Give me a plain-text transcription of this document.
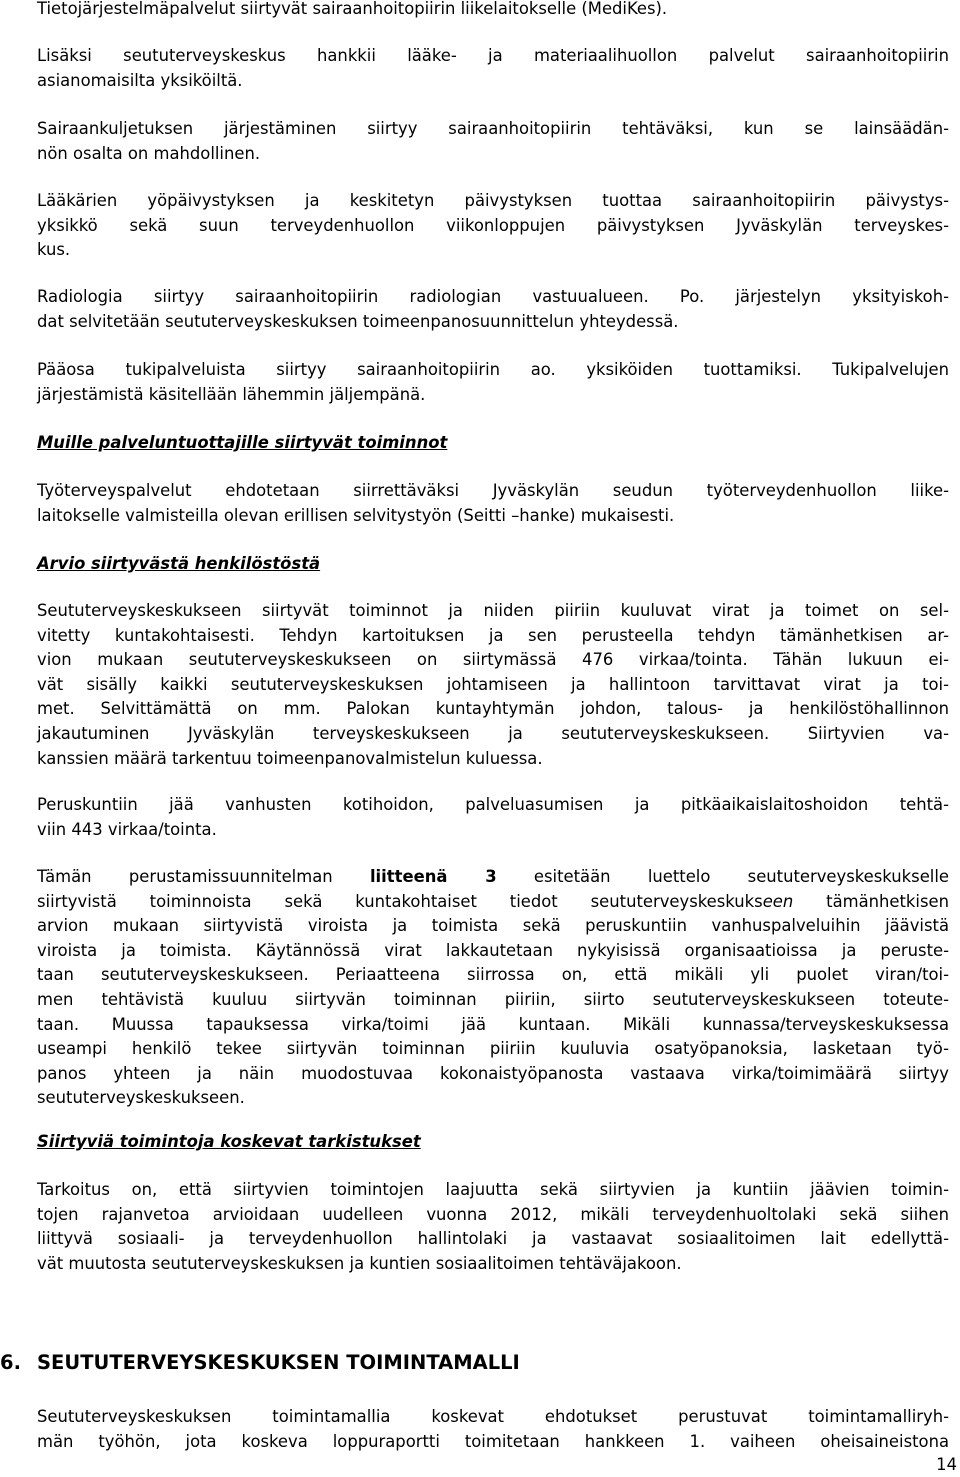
Tietojärjestelmäpalvelut siirtyvät sairaanhoitopiirin liikelaitokselle (MediKes).
Lisäksi seututerveyskeskus hankkii lääke- ja materiaalihuollon palvelut sairaanhoitopiirin
asianomaisilta yksiköiltä.
Sairaankuljetuksen järjestäminen siirtyy sairaanhoitopiirin tehtäväksi, kun se lainsäädän-
nön osalta on mahdollinen.
Lääkärien yöpäivystyksen ja keskitetyn päivystyksen tuottaa sairaanhoitopiirin päivystys-
yksikkö sekä suun terveydenhuollon viikonloppujen päivystyksen Jyväskylän terveyskes-
kus.
Radiologia siirtyy sairaanhoitopiirin radiologian vastuualueen. Po. järjestelyn yksityiskoh-
dat selvitetään seututerveyskeskuksen toimeenpanosuunnittelun yhteydessä.
Pääosa tukipalveluista siirtyy sairaanhoitopiirin ao. yksiköiden tuottamiksi. Tukipalvelujen
järjestämistä käsitellään lähemmin jäljempänä.
Muille palveluntuottajille siirtyvät toiminnot
Työterveyspalvelut ehdotetaan siirrettäväksi Jyväskylän seudun työterveydenhuollon liike-
laitokselle valmisteilla olevan erillisen selvitystyön (Seitti –hanke) mukaisesti.
Arvio siirtyvästä henkilöstöstä
Seututerveyskeskukseen siirtyvät toiminnot ja niiden piiriin kuuluvat virat ja toimet on sel-
vitetty kuntakohtaisesti. Tehdyn kartoituksen ja sen perusteella tehdyn tämänhetkisen ar-
vion mukaan seututerveyskeskukseen on siirtymässä 476 virkaa/tointa. Tähän lukuun ei-
vät sisälly kaikki seututerveyskeskuksen johtamiseen ja hallintoon tarvittavat virat ja toi-
met. Selvittämättä on mm. Palokan kuntayhtymän johdon, talous- ja henkilöstöhallinnon
jakautuminen Jyväskylän terveyskeskukseen ja seututerveyskeskukseen. Siirtyvien va-
kanssien määrä tarkentuu toimeenpanovalmistelun kuluessa.
Peruskuntiin jää vanhusten kotihoidon, palveluasumisen ja pitkäaikaislaitoshoidon tehtä-
viin 443 virkaa/tointa.
Tämän perustamissuunnitelman liitteenä 3 esitetään luettelo seututerveyskeskukselle
siirtyvistä toiminnoista sekä kuntakohtaiset tiedot seututerveyskeskukseen tämänhetkisen
arvion mukaan siirtyvistä viroista ja toimista sekä peruskuntiin vanhuspalveluihin jäävistä
viroista ja toimista. Käytännössä virat lakkautetaan nykyisissä organisaatioissa ja peruste-
taan seututerveyskeskukseen. Periaatteena siirrossa on, että mikäli yli puolet viran/toi-
men tehtävistä kuuluu siirtyvän toiminnan piiriin, siirto seututerveyskeskukseen toteute-
taan. Muussa tapauksessa virka/toimi jää kuntaan. Mikäli kunnassa/terveyskeskuksessa
useampi henkilö tekee siirtyvän toiminnan piiriin kuuluvia osatyöpanoksia, lasketaan työ-
panos yhteen ja näin muodostuvaa kokonaistyöpanosta vastaava virka/toimimäärä siirtyy
seututerveyskeskukseen.
Siirtyviä toimintoja koskevat tarkistukset
Tarkoitus on, että siirtyvien toimintojen laajuutta sekä siirtyvien ja kuntiin jäävien toimin-
tojen rajanvetoa arvioidaan uudelleen vuonna 2012, mikäli terveydenhuoltolaki sekä siihen
liittyvä sosiaali- ja terveydenhuollon hallintolaki ja vastaavat sosiaalitoimen lait edellyttä-
vät muutosta seututerveyskeskuksen ja kuntien sosiaalitoimen tehtäväjakoon.
6. SEUTUTERVEYSKESKUKSEN TOIMINTAMALLI
Seututerveyskeskuksen toimintamallia koskevat ehdotukset perustuvat toimintamalliryh-
män työhön, jota koskeva loppuraportti toimitetaan hankkeen 1. vaiheen oheisaineistona
14
